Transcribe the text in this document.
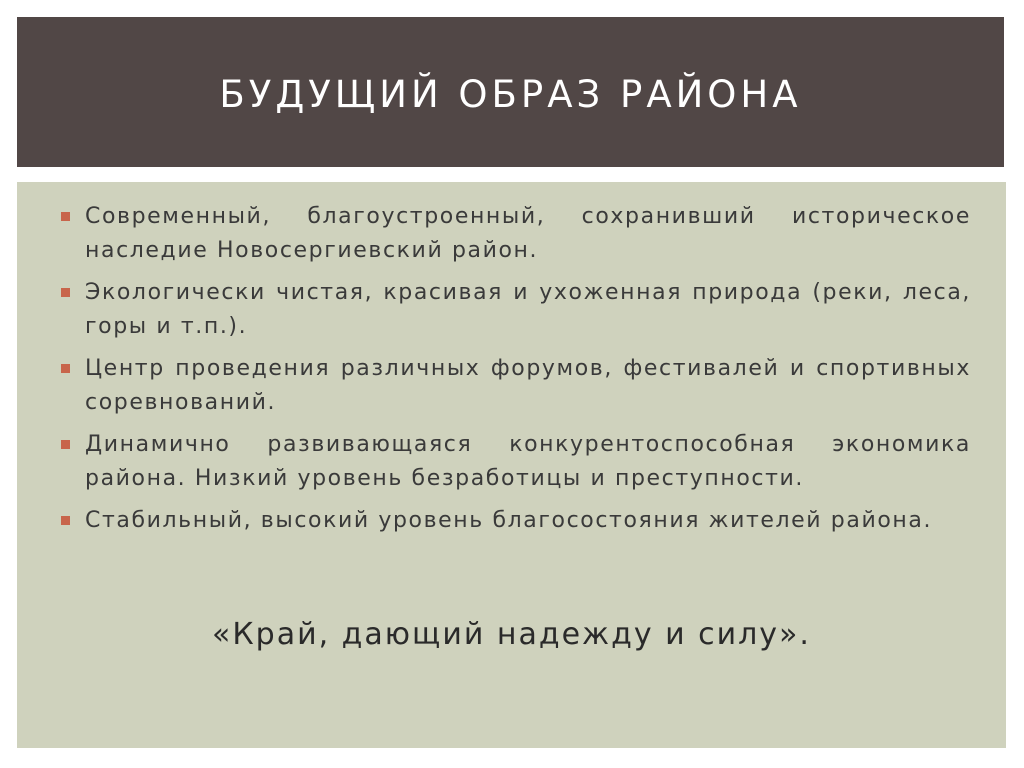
БУДУЩИЙ ОБРАЗ РАЙОНА
Современный, благоустроенный, сохранивший историческое наследие Новосергиевский район.
Экологически чистая, красивая и ухоженная природа (реки, леса, горы и т.п.).
Центр проведения различных форумов, фестивалей и спортивных соревнований.
Динамично развивающаяся конкурентоспособная экономика района. Низкий уровень безработицы и преступности.
Стабильный, высокий уровень благосостояния жителей района.
«Край, дающий надежду и силу».
